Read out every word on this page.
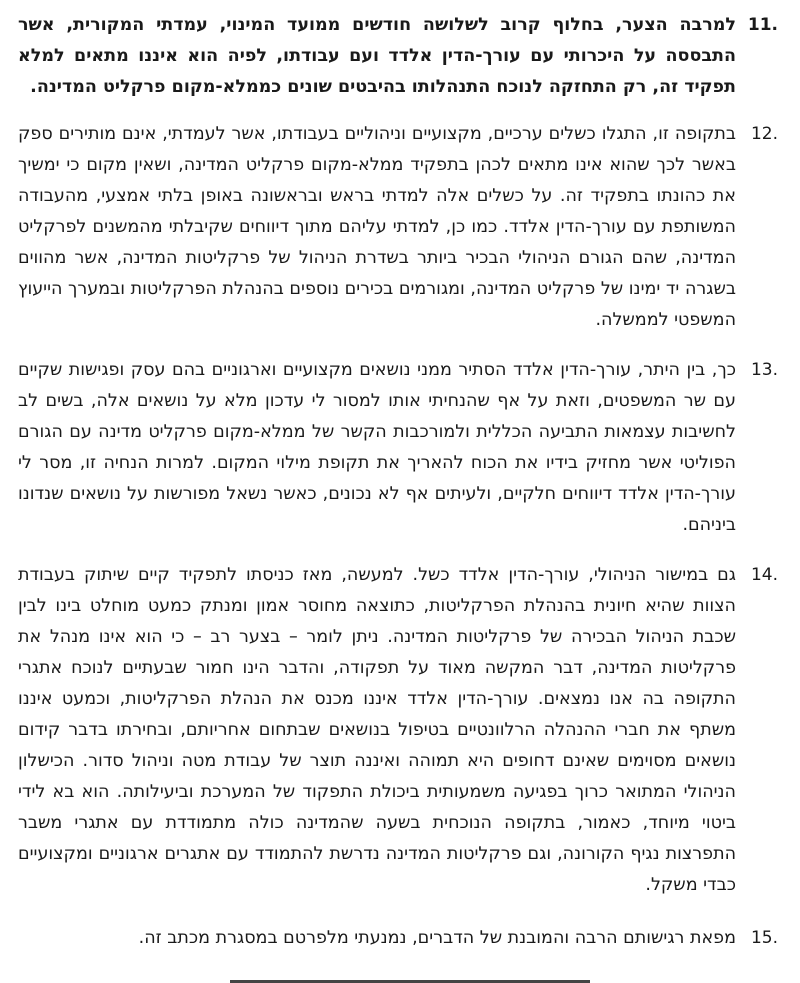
11.
למרבה הצער, בחלוף קרוב לשלושה חודשים ממועד המינוי, עמדתי המקורית, אשר התבססה על היכרותי עם עורך-הדין אלדד ועם עבודתו, לפיה הוא איננו מתאים למלא תפקיד זה, רק התחזקה לנוכח התנהלותו בהיבטים שונים כממלא-מקום פרקליט המדינה.
12.
בתקופה זו, התגלו כשלים ערכיים, מקצועיים וניהוליים בעבודתו, אשר לעמדתי, אינם מותירים ספק באשר לכך שהוא אינו מתאים לכהן בתפקיד ממלא-מקום פרקליט המדינה, ושאין מקום כי ימשיך את כהונתו בתפקיד זה. על כשלים אלה למדתי בראש ובראשונה באופן בלתי אמצעי, מהעבודה המשותפת עם עורך-הדין אלדד. כמו כן, למדתי עליהם מתוך דיווחים שקיבלתי מהמשנים לפרקליט המדינה, שהם הגורם הניהולי הבכיר ביותר בשדרת הניהול של פרקליטות המדינה, אשר מהווים בשגרה יד ימינו של פרקליט המדינה, ומגורמים בכירים נוספים בהנהלת הפרקליטות ובמערך הייעוץ המשפטי לממשלה.
13.
כך, בין היתר, עורך-הדין אלדד הסתיר ממני נושאים מקצועיים וארגוניים בהם עסק ופגישות שקיים עם שר המשפטים, וזאת על אף שהנחיתי אותו למסור לי עדכון מלא על נושאים אלה, בשים לב לחשיבות עצמאות התביעה הכללית ולמורכבות הקשר של ממלא-מקום פרקליט מדינה עם הגורם הפוליטי אשר מחזיק בידיו את הכוח להאריך את תקופת מילוי המקום. למרות הנחיה זו, מסר לי עורך-הדין אלדד דיווחים חלקיים, ולעיתים אף לא נכונים, כאשר נשאל מפורשות על נושאים שנדונו ביניהם.
14.
גם במישור הניהולי, עורך-הדין אלדד כשל. למעשה, מאז כניסתו לתפקיד קיים שיתוק בעבודת הצוות שהיא חיונית בהנהלת הפרקליטות, כתוצאה מחוסר אמון ומנתק כמעט מוחלט בינו לבין שכבת הניהול הבכירה של פרקליטות המדינה. ניתן לומר – בצער רב – כי הוא אינו מנהל את פרקליטות המדינה, דבר המקשה מאוד על תפקודה, והדבר הינו חמור שבעתיים לנוכח אתגרי התקופה בה אנו נמצאים. עורך-הדין אלדד איננו מכנס את הנהלת הפרקליטות, וכמעט איננו משתף את חברי ההנהלה הרלוונטיים בטיפול בנושאים שבתחום אחריותם, ובחירתו בדבר קידום נושאים מסוימים שאינם דחופים היא תמוהה ואיננה תוצר של עבודת מטה וניהול סדור. הכישלון הניהולי המתואר כרוך בפגיעה משמעותית ביכולת התפקוד של המערכת וביעילותה. הוא בא לידי ביטוי מיוחד, כאמור, בתקופה הנוכחית בשעה שהמדינה כולה מתמודדת עם אתגרי משבר התפרצות נגיף הקורונה, וגם פרקליטות המדינה נדרשת להתמודד עם אתגרים ארגוניים ומקצועיים כבדי משקל.
15.
מפאת רגישותם הרבה והמובנת של הדברים, נמנעתי מלפרטם במסגרת מכתב זה.
